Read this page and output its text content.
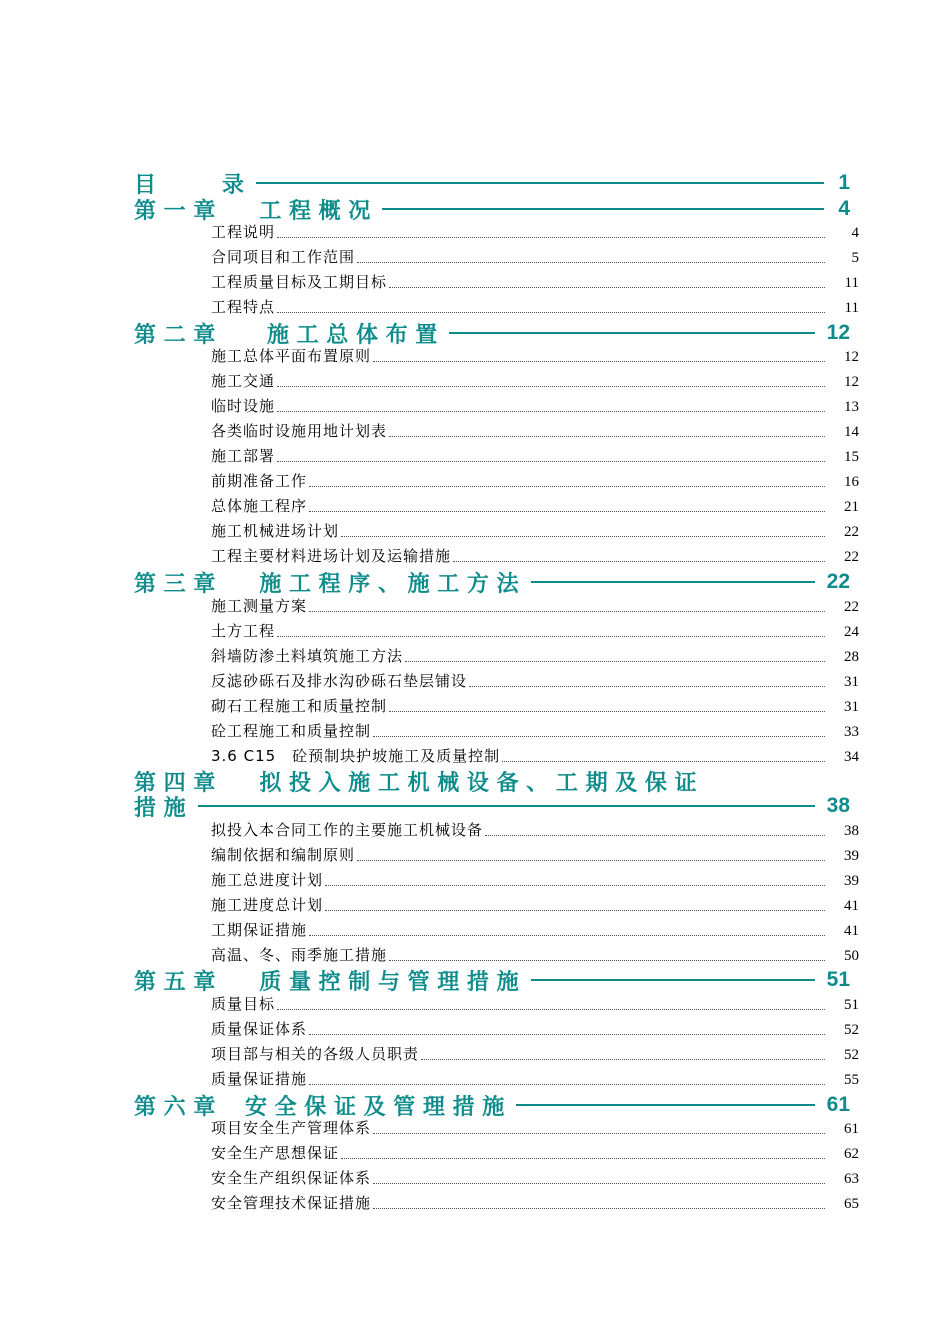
目　　　录	1
第 一 章　　工 程 概 况	4
工程说明	4
合同项目和工作范围	5
工程质量目标及工期目标	11
工程特点	11
第 二 章　　 施 工 总 体 布 置	12
施工总体平面布置原则	12
施工交通	12
临时设施	13
各类临时设施用地计划表	14
施工部署	15
前期准备工作	16
总体施工程序	21
施工机械进场计划	22
工程主要材料进场计划及运输措施	22
第 三 章　　施 工 程 序 、 施 工 方 法	22
施工测量方案	22
土方工程	24
斜墙防渗土料填筑施工方法	28
反滤砂砾石及排水沟砂砾石垫层铺设	31
砌石工程施工和质量控制	31
砼工程施工和质量控制	33
3.6 C15　砼预制块护坡施工及质量控制	34
第 四 章　　拟 投 入 施 工 机 械 设 备 、 工 期 及 保 证
措 施	38
拟投入本合同工作的主要施工机械设备	38
编制依据和编制原则	39
施工总进度计划	39
施工进度总计划	41
工期保证措施	41
高温、冬、雨季施工措施	50
第 五 章　　质 量 控 制 与 管 理 措 施	51
质量目标	51
质量保证体系	52
项目部与相关的各级人员职责	52
质量保证措施	55
第 六 章　 安 全 保 证 及 管 理 措 施	61
项目安全生产管理体系	61
安全生产思想保证	62
安全生产组织保证体系	63
安全管理技术保证措施	65
